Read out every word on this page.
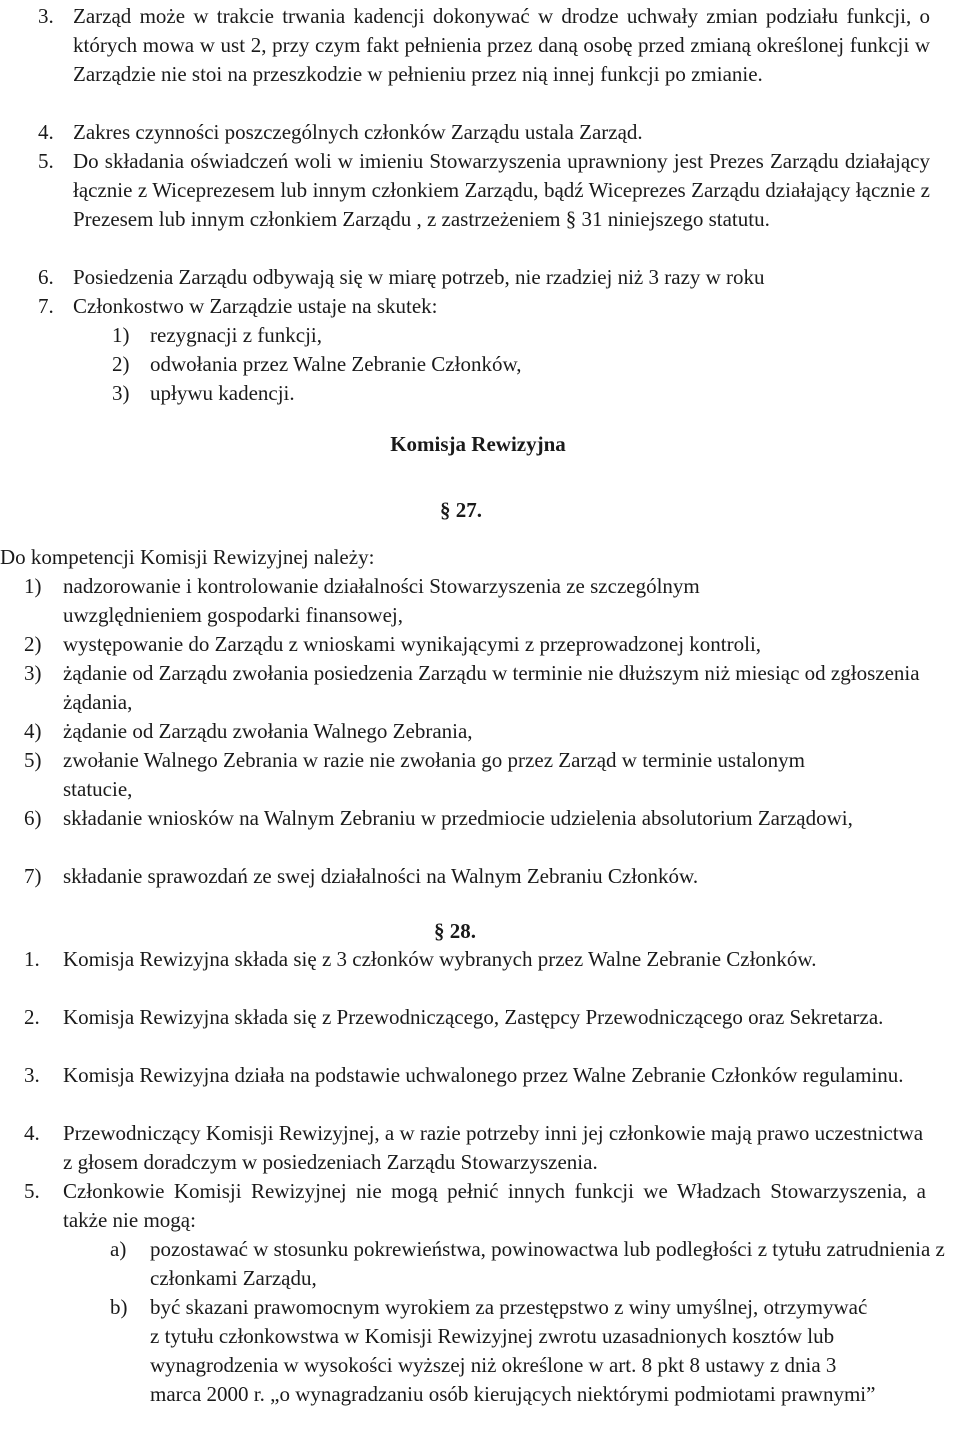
3. Zarząd może w trakcie trwania kadencji dokonywać w drodze uchwały zmian podziału funkcji, o których mowa w ust 2, przy czym fakt pełnienia przez daną osobę przed zmianą określonej funkcji w Zarządzie nie stoi na przeszkodzie w pełnieniu przez nią innej funkcji po zmianie.
4. Zakres czynności poszczególnych członków Zarządu ustala Zarząd.
5. Do składania oświadczeń woli w imieniu Stowarzyszenia uprawniony jest Prezes Zarządu działający łącznie z Wiceprezesem lub innym członkiem Zarządu, bądź Wiceprezes Zarządu działający łącznie z Prezesem lub innym członkiem Zarządu , z zastrzeżeniem § 31 niniejszego statutu.
6. Posiedzenia Zarządu odbywają się w miarę potrzeb, nie rzadziej niż 3 razy w roku
7. Członkostwo w Zarządzie ustaje na skutek:
1) rezygnacji z funkcji,
2) odwołania przez Walne Zebranie Członków,
3) upływu kadencji.
Komisja Rewizyjna
§ 27.
Do kompetencji Komisji Rewizyjnej należy:
1) nadzorowanie i kontrolowanie działalności Stowarzyszenia ze szczególnym uwzględnieniem gospodarki finansowej,
2) występowanie do Zarządu z wnioskami wynikającymi z przeprowadzonej kontroli,
3) żądanie od Zarządu zwołania posiedzenia Zarządu w terminie nie dłuższym niż miesiąc od zgłoszenia żądania,
4) żądanie od Zarządu zwołania Walnego Zebrania,
5) zwołanie Walnego Zebrania w razie nie zwołania go przez Zarząd w terminie ustalonym statucie,
6) składanie wniosków na Walnym Zebraniu w przedmiocie udzielenia absolutorium Zarządowi,
7) składanie sprawozdań ze swej działalności na Walnym Zebraniu Członków.
§ 28.
1. Komisja Rewizyjna składa się z 3 członków wybranych przez Walne Zebranie Członków.
2. Komisja Rewizyjna składa się z Przewodniczącego, Zastępcy Przewodniczącego oraz Sekretarza.
3. Komisja Rewizyjna działa na podstawie uchwalonego przez Walne Zebranie Członków regulaminu.
4. Przewodniczący Komisji Rewizyjnej, a w razie potrzeby inni jej członkowie mają prawo uczestnictwa z głosem doradczym w posiedzeniach Zarządu Stowarzyszenia.
5. Członkowie Komisji Rewizyjnej nie mogą pełnić innych funkcji we Władzach Stowarzyszenia, a także nie mogą:
a) pozostawać w stosunku pokrewieństwa, powinowactwa lub podległości z tytułu zatrudnienia z członkami Zarządu,
b) być skazani prawomocnym wyrokiem za przestępstwo z winy umyślnej, otrzymywać z tytułu członkowstwa w Komisji Rewizyjnej zwrotu uzasadnionych kosztów lub wynagrodzenia w wysokości wyższej niż określone w art. 8 pkt 8 ustawy z dnia 3 marca 2000 r. „o wynagradzaniu osób kierujących niektórymi podmiotami prawnymi”
